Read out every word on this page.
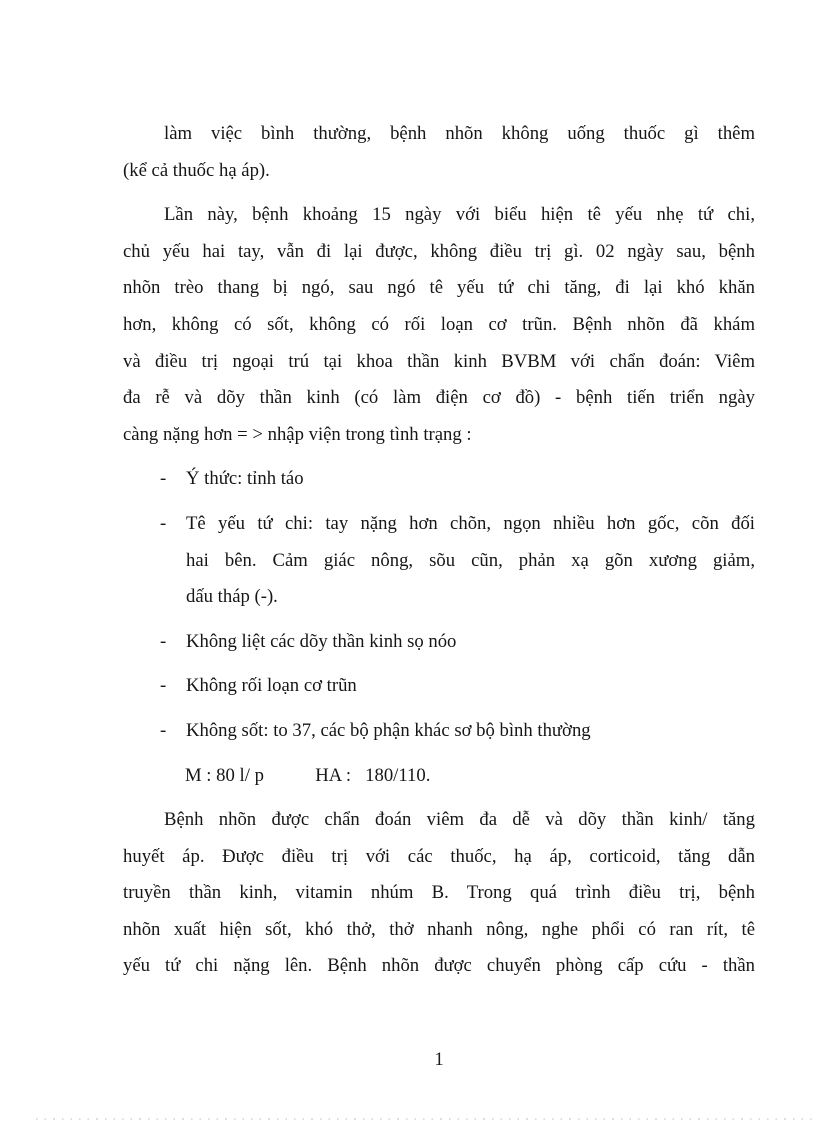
làm việc bình thường, bệnh nhõn không uống thuốc gì thêm
(kể cả thuốc hạ áp).
Lần này, bệnh khoảng 15 ngày với biểu hiện tê yếu nhẹ tứ chi,
chủ yếu hai tay, vẫn đi lại được, không điều trị gì. 02 ngày sau, bệnh
nhõn trèo thang bị ngó, sau ngó tê yếu tứ chi tăng, đi lại khó khăn
hơn, không có sốt, không có rối loạn cơ trũn. Bệnh nhõn đã khám
và điều trị ngoại trú tại khoa thần kinh BVBM với chẩn đoán: Viêm
đa rễ và dõy thần kinh (có làm điện cơ đồ) - bệnh tiến triển ngày
càng nặng hơn = > nhập viện trong tình trạng :
- Ý thức: tỉnh táo
- Tê yếu tứ chi: tay nặng hơn chõn, ngọn nhiều hơn gốc, cõn đối
hai bên. Cảm giác nông, sõu cũn, phản xạ gõn xương giảm,
dấu tháp (-).
- Không liệt các dõy thần kinh sọ nóo
- Không rối loạn cơ trũn
- Không sốt: to 37, các bộ phận khác sơ bộ bình thường
M : 80 l/ p           HA :   180/110.
Bệnh nhõn được chẩn đoán viêm đa dễ và dõy thần kinh/ tăng
huyết áp. Được điều trị với các thuốc, hạ áp, corticoid, tăng dẫn
truyền thần kinh, vitamin nhúm B. Trong quá trình điều trị, bệnh
nhõn xuất hiện sốt, khó thở, thở nhanh nông, nghe phổi có ran rít, tê
yếu tứ chi nặng lên. Bệnh nhõn được chuyển phòng cấp cứu - thần
1
